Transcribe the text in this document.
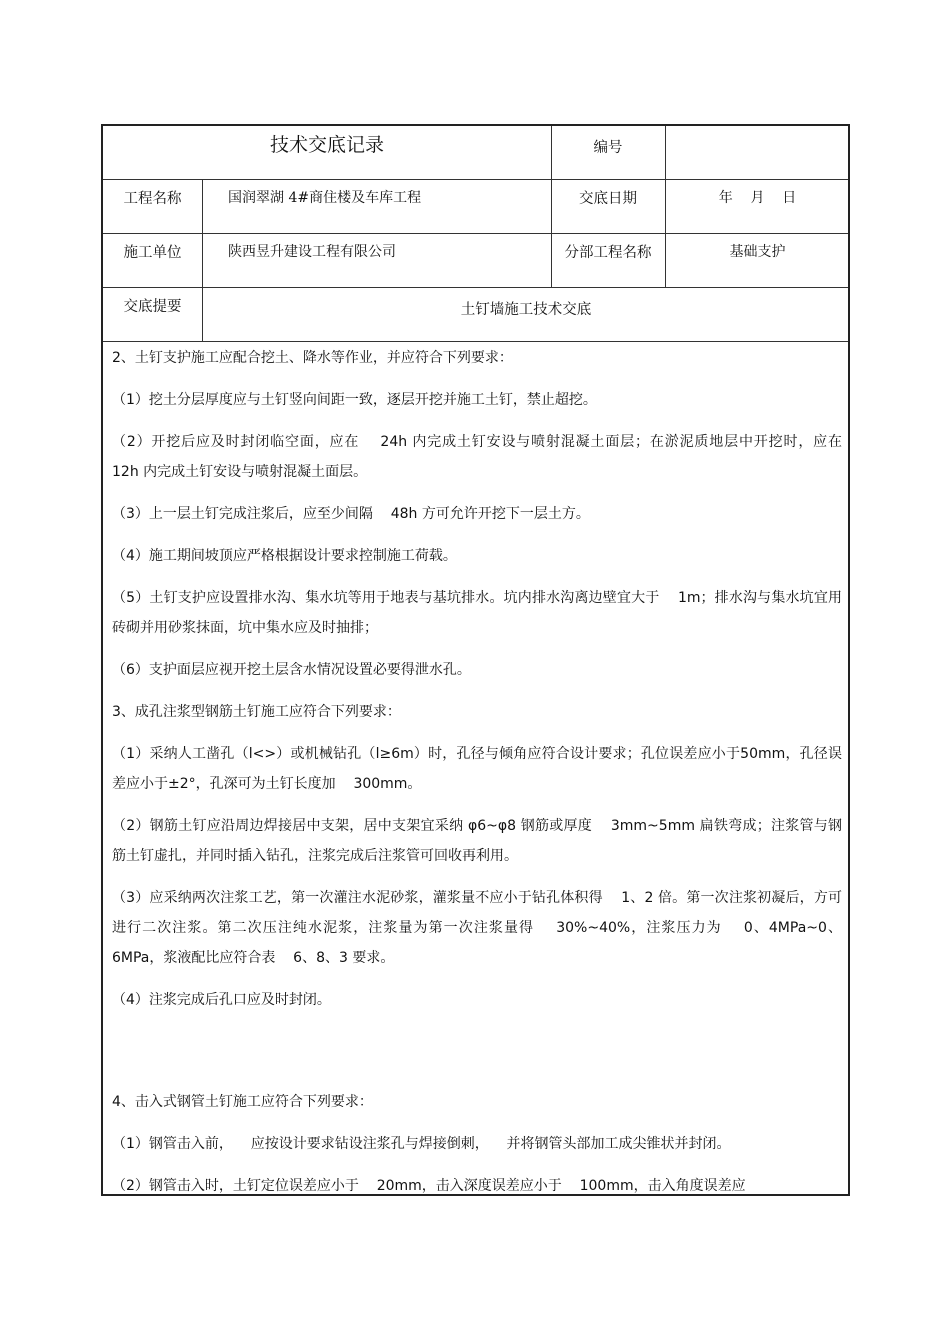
技术交底记录	编号
工程名称	国润翠湖 4#商住楼及车库工程	交底日期	年    月    日
施工单位	陕西昱升建设工程有限公司	分部工程名称	基础支护
交底提要	土钉墙施工技术交底

2、土钉支护施工应配合挖土、降水等作业，并应符合下列要求：

（1）挖土分层厚度应与土钉竖向间距一致，逐层开挖并施工土钉，禁止超挖。

（2）开挖后应及时封闭临空面，应在    24h 内完成土钉安设与喷射混凝土面层；在淤泥质地层中开挖时，应在    12h 内完成土钉安设与喷射混凝土面层。

（3）上一层土钉完成注浆后，应至少间隔    48h 方可允许开挖下一层土方。

（4）施工期间坡顶应严格根据设计要求控制施工荷载。

（5）土钉支护应设置排水沟、集水坑等用于地表与基坑排水。坑内排水沟离边壁宜大于    1m；排水沟与集水坑宜用砖砌并用砂浆抹面，坑中集水应及时抽排；

（6）支护面层应视开挖土层含水情况设置必要得泄水孔。

3、成孔注浆型钢筋土钉施工应符合下列要求：

（1）采纳人工凿孔（l<>）或机械钻孔（l≥6m）时，孔径与倾角应符合设计要求；孔位误差应小于50mm，孔径误差应小于±2°，孔深可为土钉长度加    300mm。

（2）钢筋土钉应沿周边焊接居中支架，居中支架宜采纳 φ6~φ8 钢筋或厚度    3mm~5mm 扁铁弯成；注浆管与钢筋土钉虚扎，并同时插入钻孔，注浆完成后注浆管可回收再利用。

（3）应采纳两次注浆工艺，第一次灌注水泥砂浆，灌浆量不应小于钻孔体积得    1、2 倍。第一次注浆初凝后，方可进行二次注浆。第二次压注纯水泥浆，注浆量为第一次注浆量得    30%~40%，注浆压力为    0、4MPa~0、6MPa，浆液配比应符合表    6、8、3 要求。

（4）注浆完成后孔口应及时封闭。

4、击入式钢管土钉施工应符合下列要求：

（1）钢管击入前，    应按设计要求钻设注浆孔与焊接倒刺，    并将钢管头部加工成尖锥状并封闭。

（2）钢管击入时，土钉定位误差应小于    20mm，击入深度误差应小于    100mm，击入角度误差应
